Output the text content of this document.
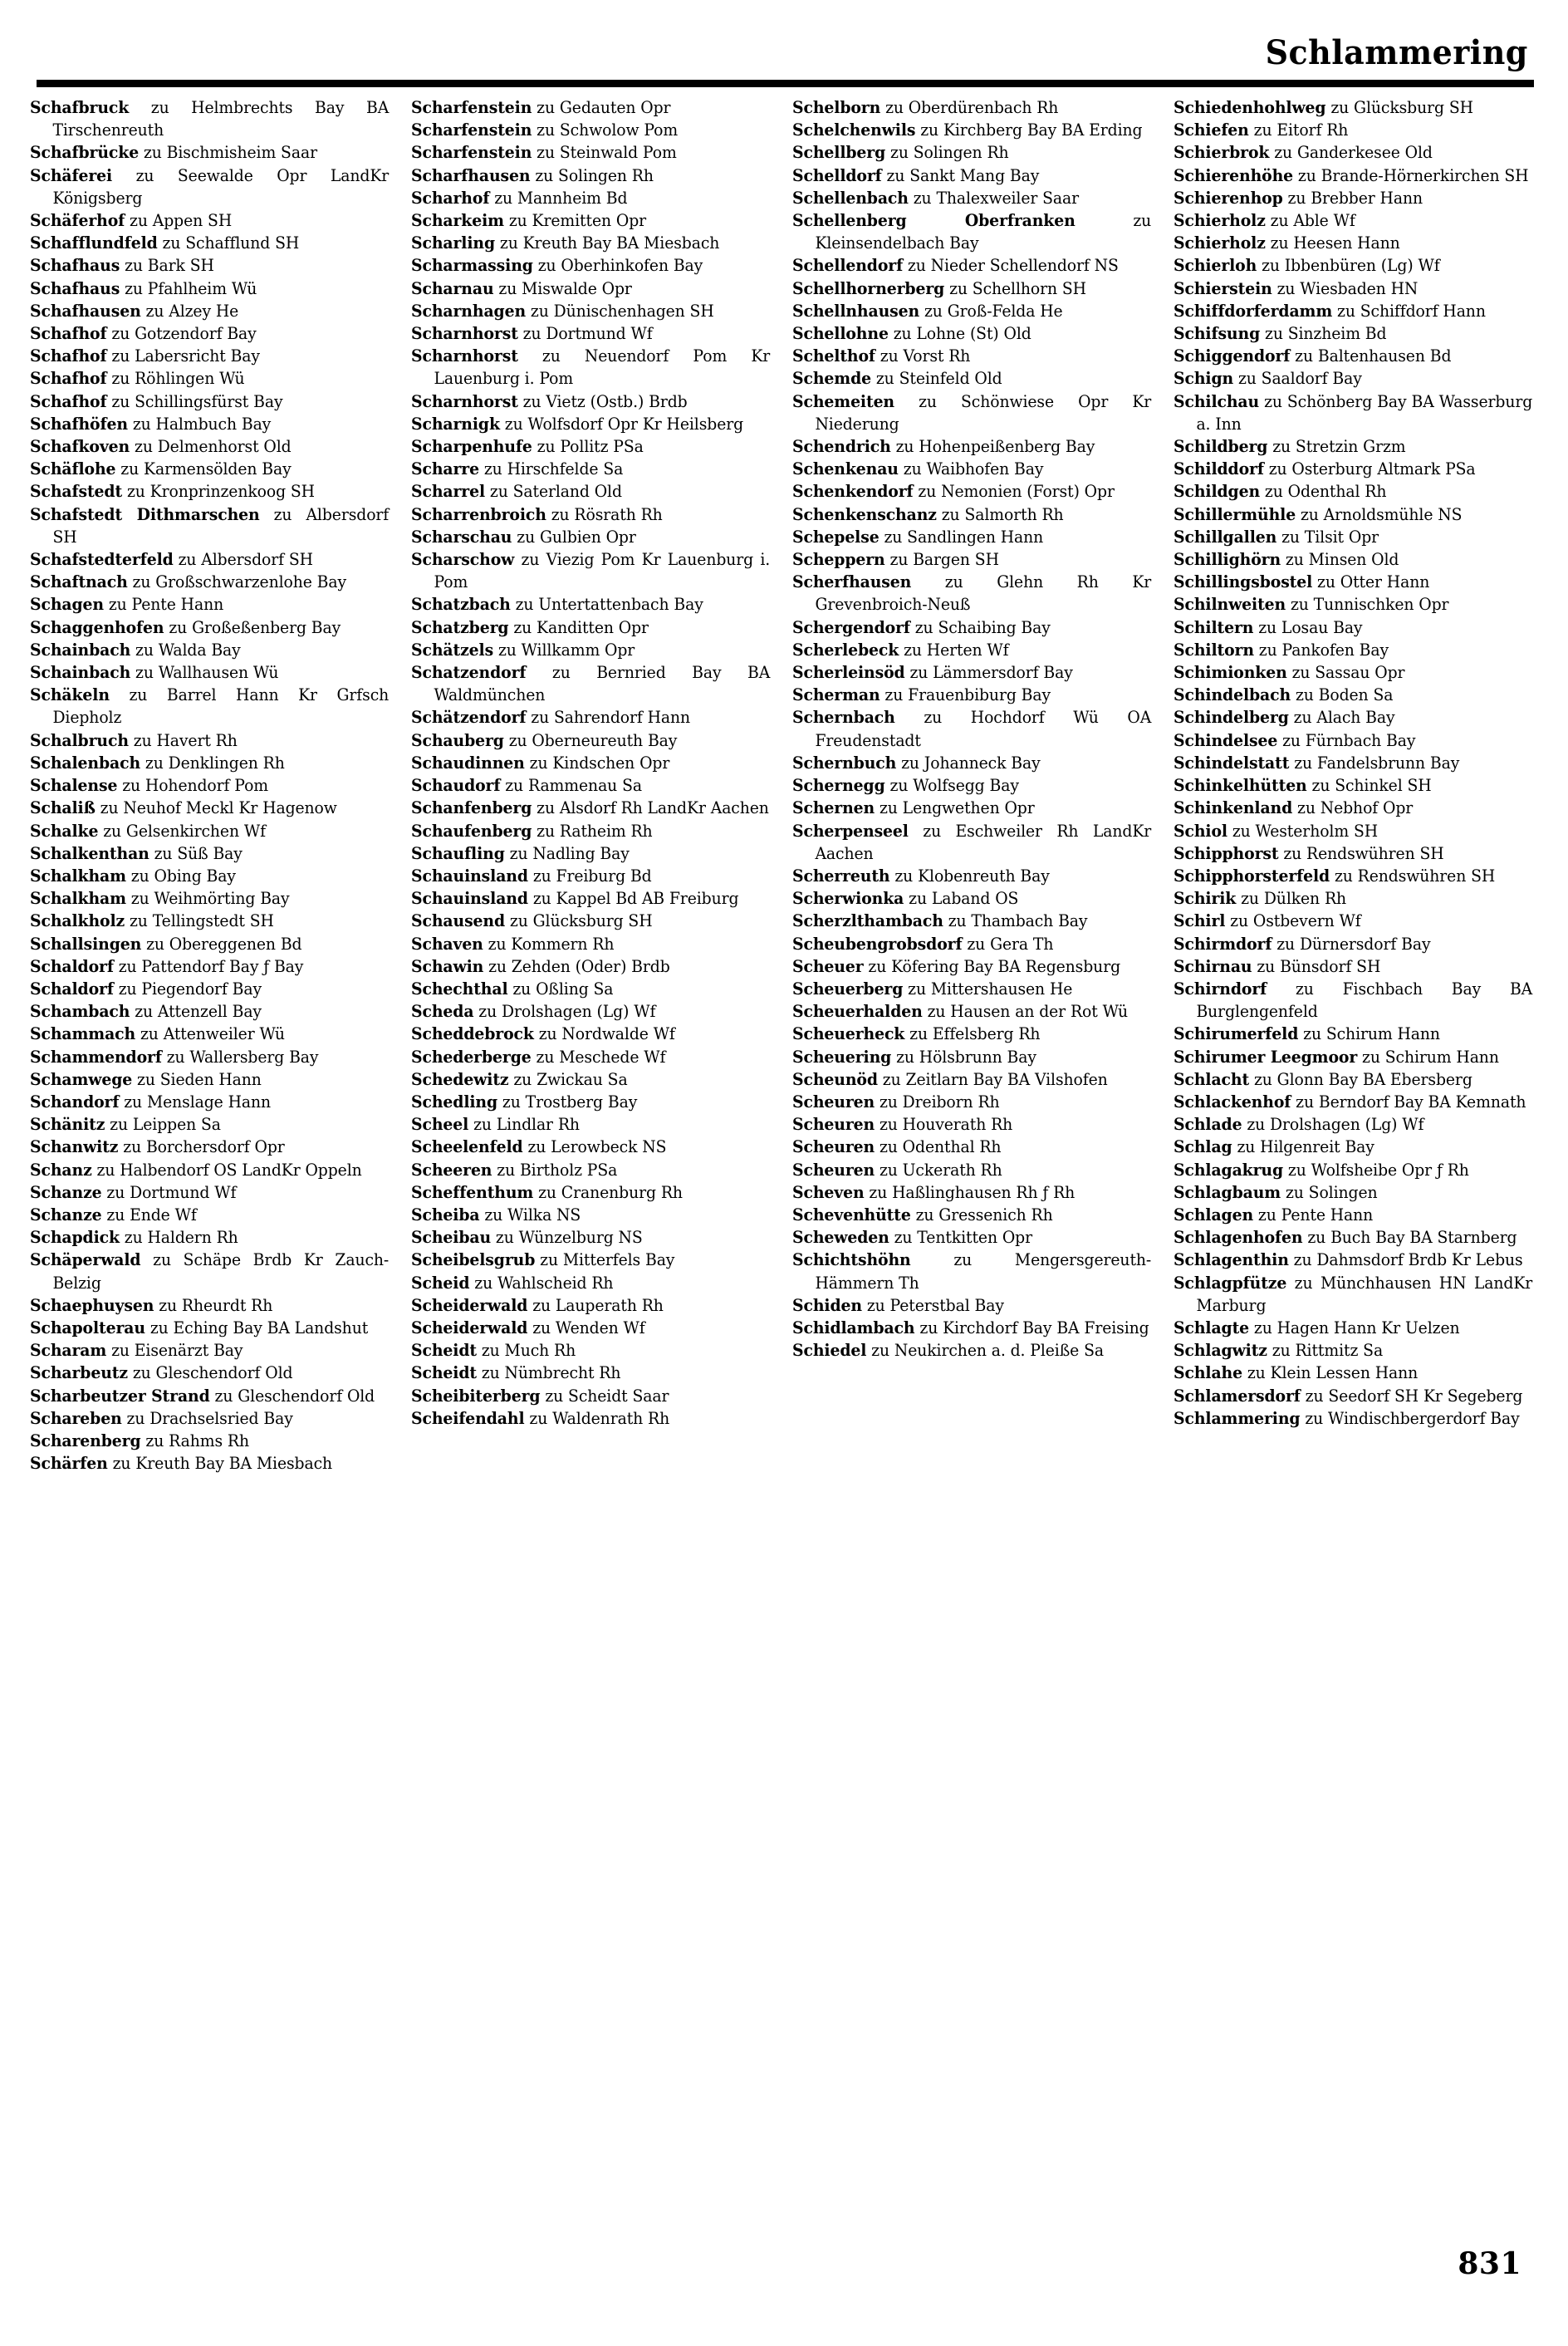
Schlammering

Schafbruck zu Helmbrechts Bay BA Tirschenreuth

Schafbrücke zu Bischmisheim Saar

Schäferei zu Seewalde Opr LandKr Königsberg

Schäferhof zu Appen SH

Schafflundfeld zu Schafflund SH

Schafhaus zu Bark SH

Schafhaus zu Pfahlheim Wü

Schafhausen zu Alzey He

Schafhof zu Gotzendorf Bay

Schafhof zu Labersricht Bay

Schafhof zu Röhlingen Wü

Schafhof zu Schillingsfürst Bay

Schafhöfen zu Halmbuch Bay

Schafkoven zu Delmenhorst Old

Schäflohe zu Karmensölden Bay

Schafstedt zu Kronprinzenkoog SH

Schafstedt Dithmarschen zu Albersdorf SH

Schafstedterfeld zu Albersdorf SH

Schaftnach zu Großschwarzenlohe Bay

Schagen zu Pente Hann

Schaggenhofen zu Großeßenberg Bay

Schainbach zu Walda Bay

Schainbach zu Wallhausen Wü

Schäkeln zu Barrel Hann Kr Grfsch Diepholz

Schalbruch zu Havert Rh

Schalenbach zu Denklingen Rh

Schalense zu Hohendorf Pom

Schaliß zu Neuhof Meckl Kr Hagenow

Schalke zu Gelsenkirchen Wf

Schalkenthan zu Süß Bay

Schalkham zu Obing Bay

Schalkham zu Weihmörting Bay

Schalkholz zu Tellingstedt SH

Schallsingen zu Obereggenen Bd

Schaldorf zu Pattendorf Bay ƒ Bay

Schaldorf zu Piegendorf Bay

Schambach zu Attenzell Bay

Schammach zu Attenweiler Wü

Schammendorf zu Wallersberg Bay

Schamwege zu Sieden Hann

Schandorf zu Menslage Hann

Schänitz zu Leippen Sa

Schanwitz zu Borchersdorf Opr

Schanz zu Halbendorf OS LandKr Oppeln

Schanze zu Dortmund Wf

Schanze zu Ende Wf

Schapdick zu Haldern Rh

Schäperwald zu Schäpe Brdb Kr Zauch-Belzig

Schaephuysen zu Rheurdt Rh

Schapolterau zu Eching Bay BA Landshut

Scharam zu Eisenärzt Bay

Scharbeutz zu Gleschendorf Old

Scharbeutzer Strand zu Gleschendorf Old

Schareben zu Drachselsried Bay

Scharenberg zu Rahms Rh

Schärfen zu Kreuth Bay BA Miesbach

Scharfenstein zu Gedauten Opr

Scharfenstein zu Schwolow Pom

Scharfenstein zu Steinwald Pom

Scharfhausen zu Solingen Rh

Scharhof zu Mannheim Bd

Scharkeim zu Kremitten Opr

Scharling zu Kreuth Bay BA Miesbach

Scharmassing zu Oberhinkofen Bay

Scharnau zu Miswalde Opr

Scharnhagen zu Dünischenhagen SH

Scharnhorst zu Dortmund Wf

Scharnhorst zu Neuendorf Pom Kr Lauenburg i. Pom

Scharnhorst zu Vietz (Ostb.) Brdb

Scharnigk zu Wolfsdorf Opr Kr Heilsberg

Scharpenhufe zu Pollitz PSa

Scharre zu Hirschfelde Sa

Scharrel zu Saterland Old

Scharrenbroich zu Rösrath Rh

Scharschau zu Gulbien Opr

Scharschow zu Viezig Pom Kr Lauenburg i. Pom

Schatzbach zu Untertattenbach Bay

Schatzberg zu Kanditten Opr

Schätzels zu Willkamm Opr

Schatzendorf zu Bernried Bay BA Waldmünchen

Schätzendorf zu Sahrendorf Hann

Schauberg zu Oberneureuth Bay

Schaudinnen zu Kindschen Opr

Schaudorf zu Rammenau Sa

Schanfenberg zu Alsdorf Rh LandKr Aachen

Schaufenberg zu Ratheim Rh

Schaufling zu Nadling Bay

Schauinsland zu Freiburg Bd

Schauinsland zu Kappel Bd AB Freiburg

Schausend zu Glücksburg SH

Schaven zu Kommern Rh

Schawin zu Zehden (Oder) Brdb

Schechthal zu Oßling Sa

Scheda zu Drolshagen (Lg) Wf

Scheddebrock zu Nordwalde Wf

Schederberge zu Meschede Wf

Schedewitz zu Zwickau Sa

Schedling zu Trostberg Bay

Scheel zu Lindlar Rh

Scheelenfeld zu Lerowbeck NS

Scheeren zu Birtholz PSa

Scheffenthum zu Cranenburg Rh

Scheiba zu Wilka NS

Scheibau zu Wünzelburg NS

Scheibelsgrub zu Mitterfels Bay

Scheid zu Wahlscheid Rh

Scheiderwald zu Lauperath Rh

Scheiderwald zu Wenden Wf

Scheidt zu Much Rh

Scheidt zu Nümbrecht Rh

Scheibiterberg zu Scheidt Saar

Scheifendahl zu Waldenrath Rh

Schelborn zu Oberdürenbach Rh

Schelchenwils zu Kirchberg Bay BA Erding

Schellberg zu Solingen Rh

Schelldorf zu Sankt Mang Bay

Schellenbach zu Thalexweiler Saar

Schellenberg Oberfranken zu Kleinsendelbach Bay

Schellendorf zu Nieder Schellendorf NS

Schellhornerberg zu Schellhorn SH

Schellnhausen zu Groß-Felda He

Schellohne zu Lohne (St) Old

Schelthof zu Vorst Rh

Schemde zu Steinfeld Old

Schemeiten zu Schönwiese Opr Kr Niederung

Schendrich zu Hohenpeißenberg Bay

Schenkenau zu Waibhofen Bay

Schenkendorf zu Nemonien (Forst) Opr

Schenkenschanz zu Salmorth Rh

Schepelse zu Sandlingen Hann

Scheppern zu Bargen SH

Scherfhausen zu Glehn Rh Kr Grevenbroich-Neuß

Schergendorf zu Schaibing Bay

Scherlebeck zu Herten Wf

Scherleinsöd zu Lämmersdorf Bay

Scherman zu Frauenbiburg Bay

Schernbach zu Hochdorf Wü OA Freudenstadt

Schernbuch zu Johanneck Bay

Schernegg zu Wolfsegg Bay

Schernen zu Lengwethen Opr

Scherpenseel zu Eschweiler Rh LandKr Aachen

Scherreuth zu Klobenreuth Bay

Scherwionka zu Laband OS

Scherzlthambach zu Thambach Bay

Scheubengrobsdorf zu Gera Th

Scheuer zu Köfering Bay BA Regensburg

Scheuerberg zu Mittershausen He

Scheuerhalden zu Hausen an der Rot Wü

Scheuerheck zu Effelsberg Rh

Scheuering zu Hölsbrunn Bay

Scheunöd zu Zeitlarn Bay BA Vilshofen

Scheuren zu Dreiborn Rh

Scheuren zu Houverath Rh

Scheuren zu Odenthal Rh

Scheuren zu Uckerath Rh

Scheven zu Haßlinghausen Rh ƒ Rh

Schevenhütte zu Gressenich Rh

Scheweden zu Tentkitten Opr

Schichtshöhn zu Mengersgereuth-Hämmern Th

Schiden zu Peterstbal Bay

Schidlambach zu Kirchdorf Bay BA Freising

Schiedel zu Neukirchen a. d. Pleiße Sa

Schiedenhohlweg zu Glücksburg SH

Schiefen zu Eitorf Rh

Schierbrok zu Ganderkesee Old

Schierenhöhe zu Brandе-Hörnerkirchen SH

Schierenhop zu Brebber Hann

Schierholz zu Able Wf

Schierholz zu Heesen Hann

Schierloh zu Ibbenbüren (Lg) Wf

Schierstein zu Wiesbaden HN

Schiffdorferdamm zu Schiffdorf Hann

Schifsung zu Sinzheim Bd

Schiggendorf zu Baltenhausen Bd

Schign zu Saaldorf Bay

Schilchau zu Schönberg Bay BA Wasserburg a. Inn

Schildberg zu Stretzin Grzm

Schilddorf zu Osterburg Altmark PSa

Schildgen zu Odenthal Rh

Schillermühle zu Arnoldsmühle NS

Schillgallen zu Tilsit Opr

Schillighörn zu Minsen Old

Schillingsbostel zu Otter Hann

Schilnweiten zu Tunnischken Opr

Schiltern zu Losau Bay

Schiltorn zu Pankofen Bay

Schimionken zu Sassau Opr

Schindelbach zu Boden Sa

Schindelberg zu Alach Bay

Schindelsee zu Fürnbach Bay

Schindelstatt zu Fandelsbrunn Bay

Schinkelhütten zu Schinkel SH

Schinkenland zu Nebhof Opr

Schiol zu Westerholm SH

Schipphorst zu Rendswühren SH

Schipphorsterfeld zu Rendswühren SH

Schirik zu Dülken Rh

Schirl zu Ostbevern Wf

Schirmdorf zu Dürnersdorf Bay

Schirnau zu Bünsdorf SH

Schirndorf zu Fischbach Bay BA Burglengenfeld

Schirumerfeld zu Schirum Hann

Schirumer Leegmoor zu Schirum Hann

Schlacht zu Glonn Bay BA Ebersberg

Schlackenhof zu Berndorf Bay BA Kemnath

Schlade zu Drolshagen (Lg) Wf

Schlag zu Hilgenreit Bay

Schlagakrug zu Wolfsheibe Opr ƒ Rh

Schlagbaum zu Solingen

Schlagen zu Pente Hann

Schlagenhofen zu Buch Bay BA Starnberg

Schlagenthin zu Dahmsdorf Brdb Kr Lebus

Schlagpfütze zu Münchhausen HN LandKr Marburg

Schlagte zu Hagen Hann Kr Uelzen

Schlagwitz zu Rittmitz Sa

Schlahe zu Klein Lessen Hann

Schlamersdorf zu Seedorf SH Kr Segeberg

Schlammering zu Windischbergerdorf Bay

831
